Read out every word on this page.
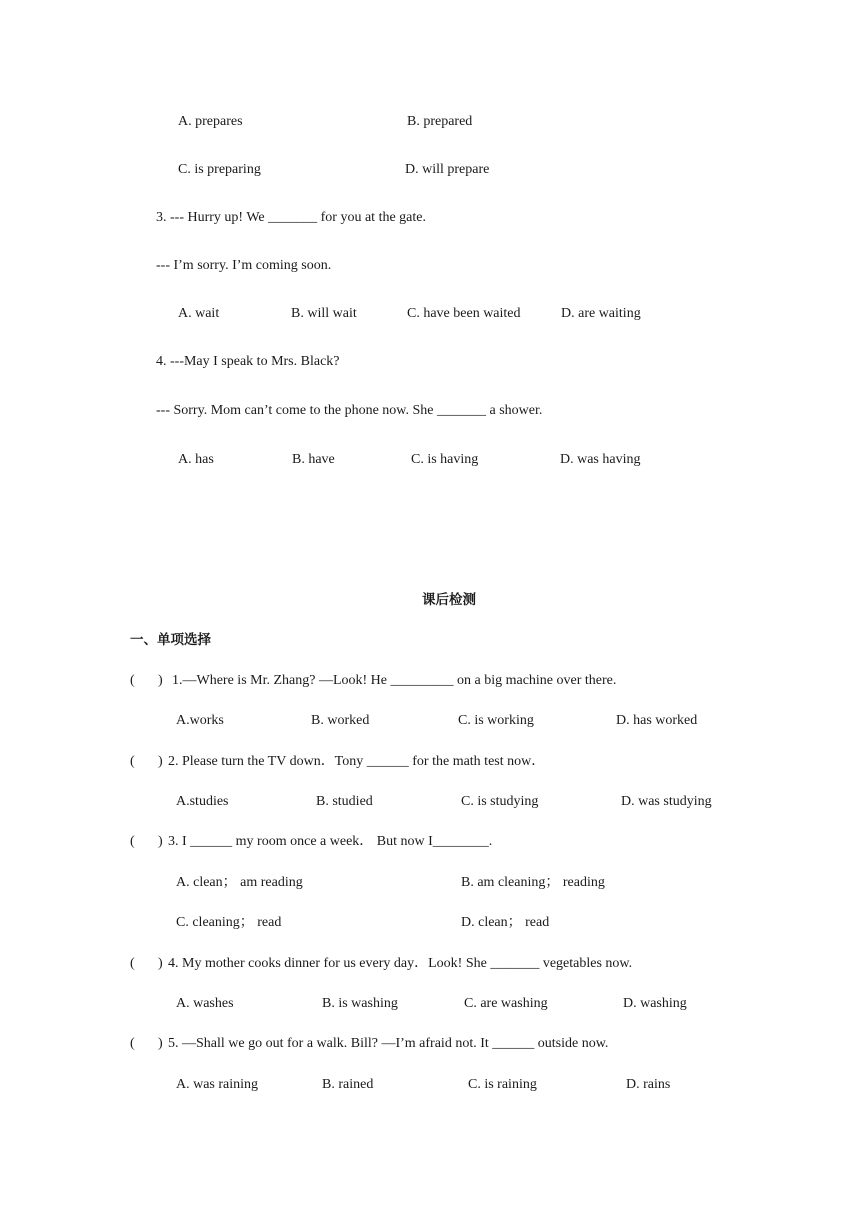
A. prepares	B. prepared
C. is preparing	D. will prepare
3. --- Hurry up! We _______ for you at the gate.
--- I’m sorry. I’m coming soon.
A. wait	B. will wait	C. have been waited	D. are waiting
4. ---May I speak to Mrs. Black?
--- Sorry. Mom can’t come to the phone now. She _______ a shower.
A. has	B. have	C. is having	D. was having
课后检测
一、单项选择
( ) 1.—Where is Mr. Zhang? —Look! He _________ on a big machine over there.
A.works	B. worked	C. is working	D. has worked
( ) 2. Please turn the TV down．Tony ______ for the math test now．
A.studies	B. studied	C. is studying	D. was studying
( ) 3. I ______ my room once a week． But now I________.
A. clean； am reading	B. am cleaning； reading
C. cleaning； read	D. clean； read
( ) 4. My mother cooks dinner for us every day．Look! She _______ vegetables now.
A. washes	B. is washing	C. are washing	D. washing
( ) 5. —Shall we go out for a walk. Bill? —I’m afraid not. It ______ outside now.
A. was raining	B. rained	C. is raining	D. rains
